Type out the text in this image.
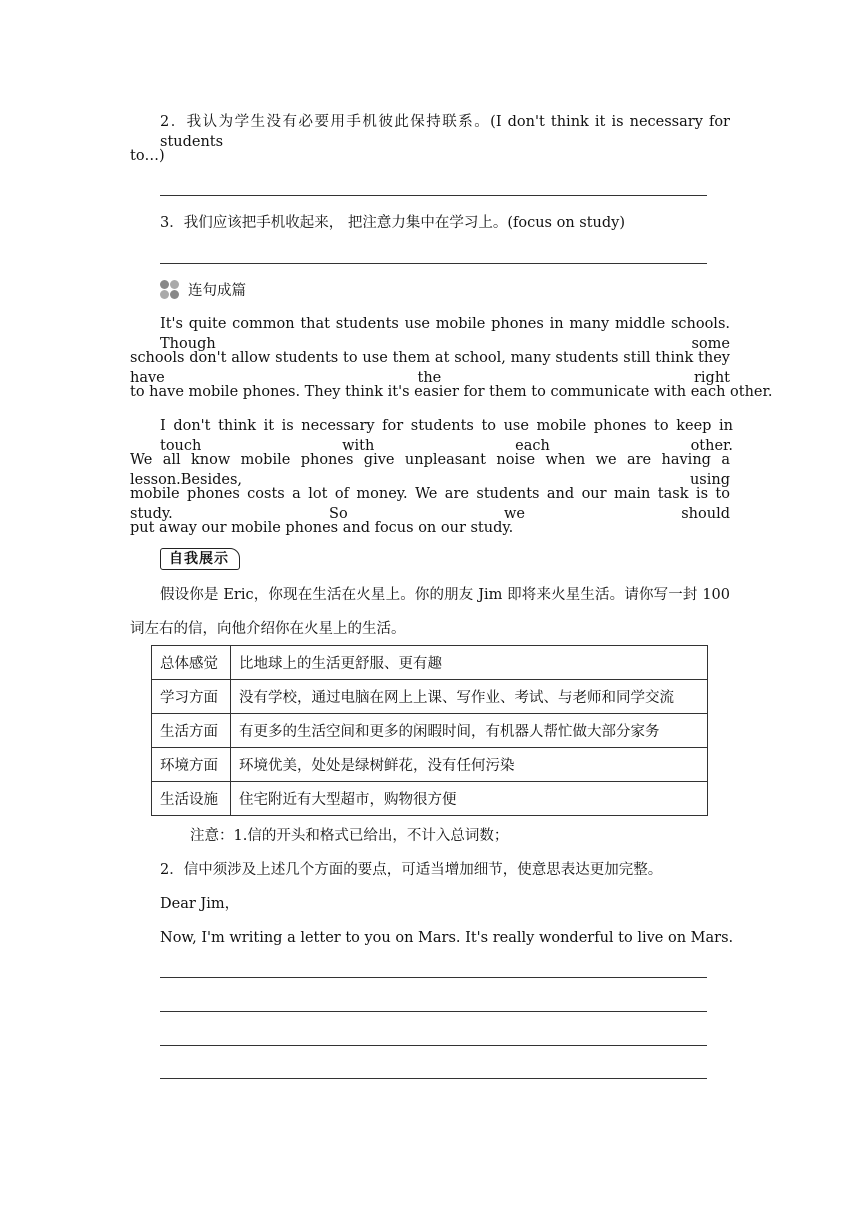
2．我认为学生没有必要用手机彼此保持联系。(I don't think it is necessary for students
to…)
3．我们应该把手机收起来， 把注意力集中在学习上。(focus on study)
连句成篇
It's quite common that students use mobile phones in many middle schools. Though some
schools don't allow students to use them at school, many students still think they have the right
to have mobile phones. They think it's easier for them to communicate with each other.
I don't think it is necessary for students to use mobile phones to keep in touch with each other.
We all know mobile phones give unpleasant noise when we are having a lesson.Besides, using
mobile phones costs a lot of money. We are students and our main task is to study. So we should
put away our mobile phones and focus on our study.
自我展示
假设你是 Eric，你现在生活在火星上。你的朋友 Jim 即将来火星生活。请你写一封 100
词左右的信，向他介绍你在火星上的生活。
总体感觉	比地球上的生活更舒服、更有趣
学习方面	没有学校，通过电脑在网上上课、写作业、考试、与老师和同学交流
生活方面	有更多的生活空间和更多的闲暇时间，有机器人帮忙做大部分家务
环境方面	环境优美，处处是绿树鲜花，没有任何污染
生活设施	住宅附近有大型超市，购物很方便
注意：1.信的开头和格式已给出，不计入总词数；
2．信中须涉及上述几个方面的要点，可适当增加细节，使意思表达更加完整。
Dear Jim，
Now, I'm writing a letter to you on Mars. It's really wonderful to live on Mars.
